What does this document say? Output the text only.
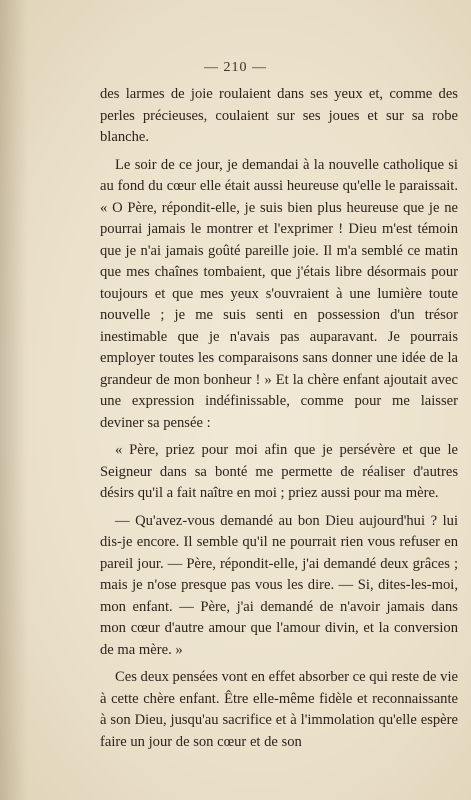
— 210 —

des larmes de joie roulaient dans ses yeux et, comme des perles précieuses, coulaient sur ses joues et sur sa robe blanche.

Le soir de ce jour, je demandai à la nouvelle catholique si au fond du cœur elle était aussi heureuse qu'elle le paraissait. « O Père, répondit-elle, je suis bien plus heureuse que je ne pourrai jamais le montrer et l'exprimer ! Dieu m'est témoin que je n'ai jamais goûté pareille joie. Il m'a semblé ce matin que mes chaînes tombaient, que j'étais libre désormais pour toujours et que mes yeux s'ouvraient à une lumière toute nouvelle ; je me suis senti en possession d'un trésor inestimable que je n'avais pas auparavant. Je pourrais employer toutes les comparaisons sans donner une idée de la grandeur de mon bonheur ! » Et la chère enfant ajoutait avec une expression indéfinissable, comme pour me laisser deviner sa pensée :

« Père, priez pour moi afin que je persévère et que le Seigneur dans sa bonté me permette de réaliser d'autres désirs qu'il a fait naître en moi ; priez aussi pour ma mère.

— Qu'avez-vous demandé au bon Dieu aujourd'hui ? lui dis-je encore. Il semble qu'il ne pourrait rien vous refuser en pareil jour. — Père, répondit-elle, j'ai demandé deux grâces ; mais je n'ose presque pas vous les dire. — Si, dites-les-moi, mon enfant. — Père, j'ai demandé de n'avoir jamais dans mon cœur d'autre amour que l'amour divin, et la conversion de ma mère. »

Ces deux pensées vont en effet absorber ce qui reste de vie à cette chère enfant. Être elle-même fidèle et reconnaissante à son Dieu, jusqu'au sacrifice et à l'immolation qu'elle espère faire un jour de son cœur et de son
